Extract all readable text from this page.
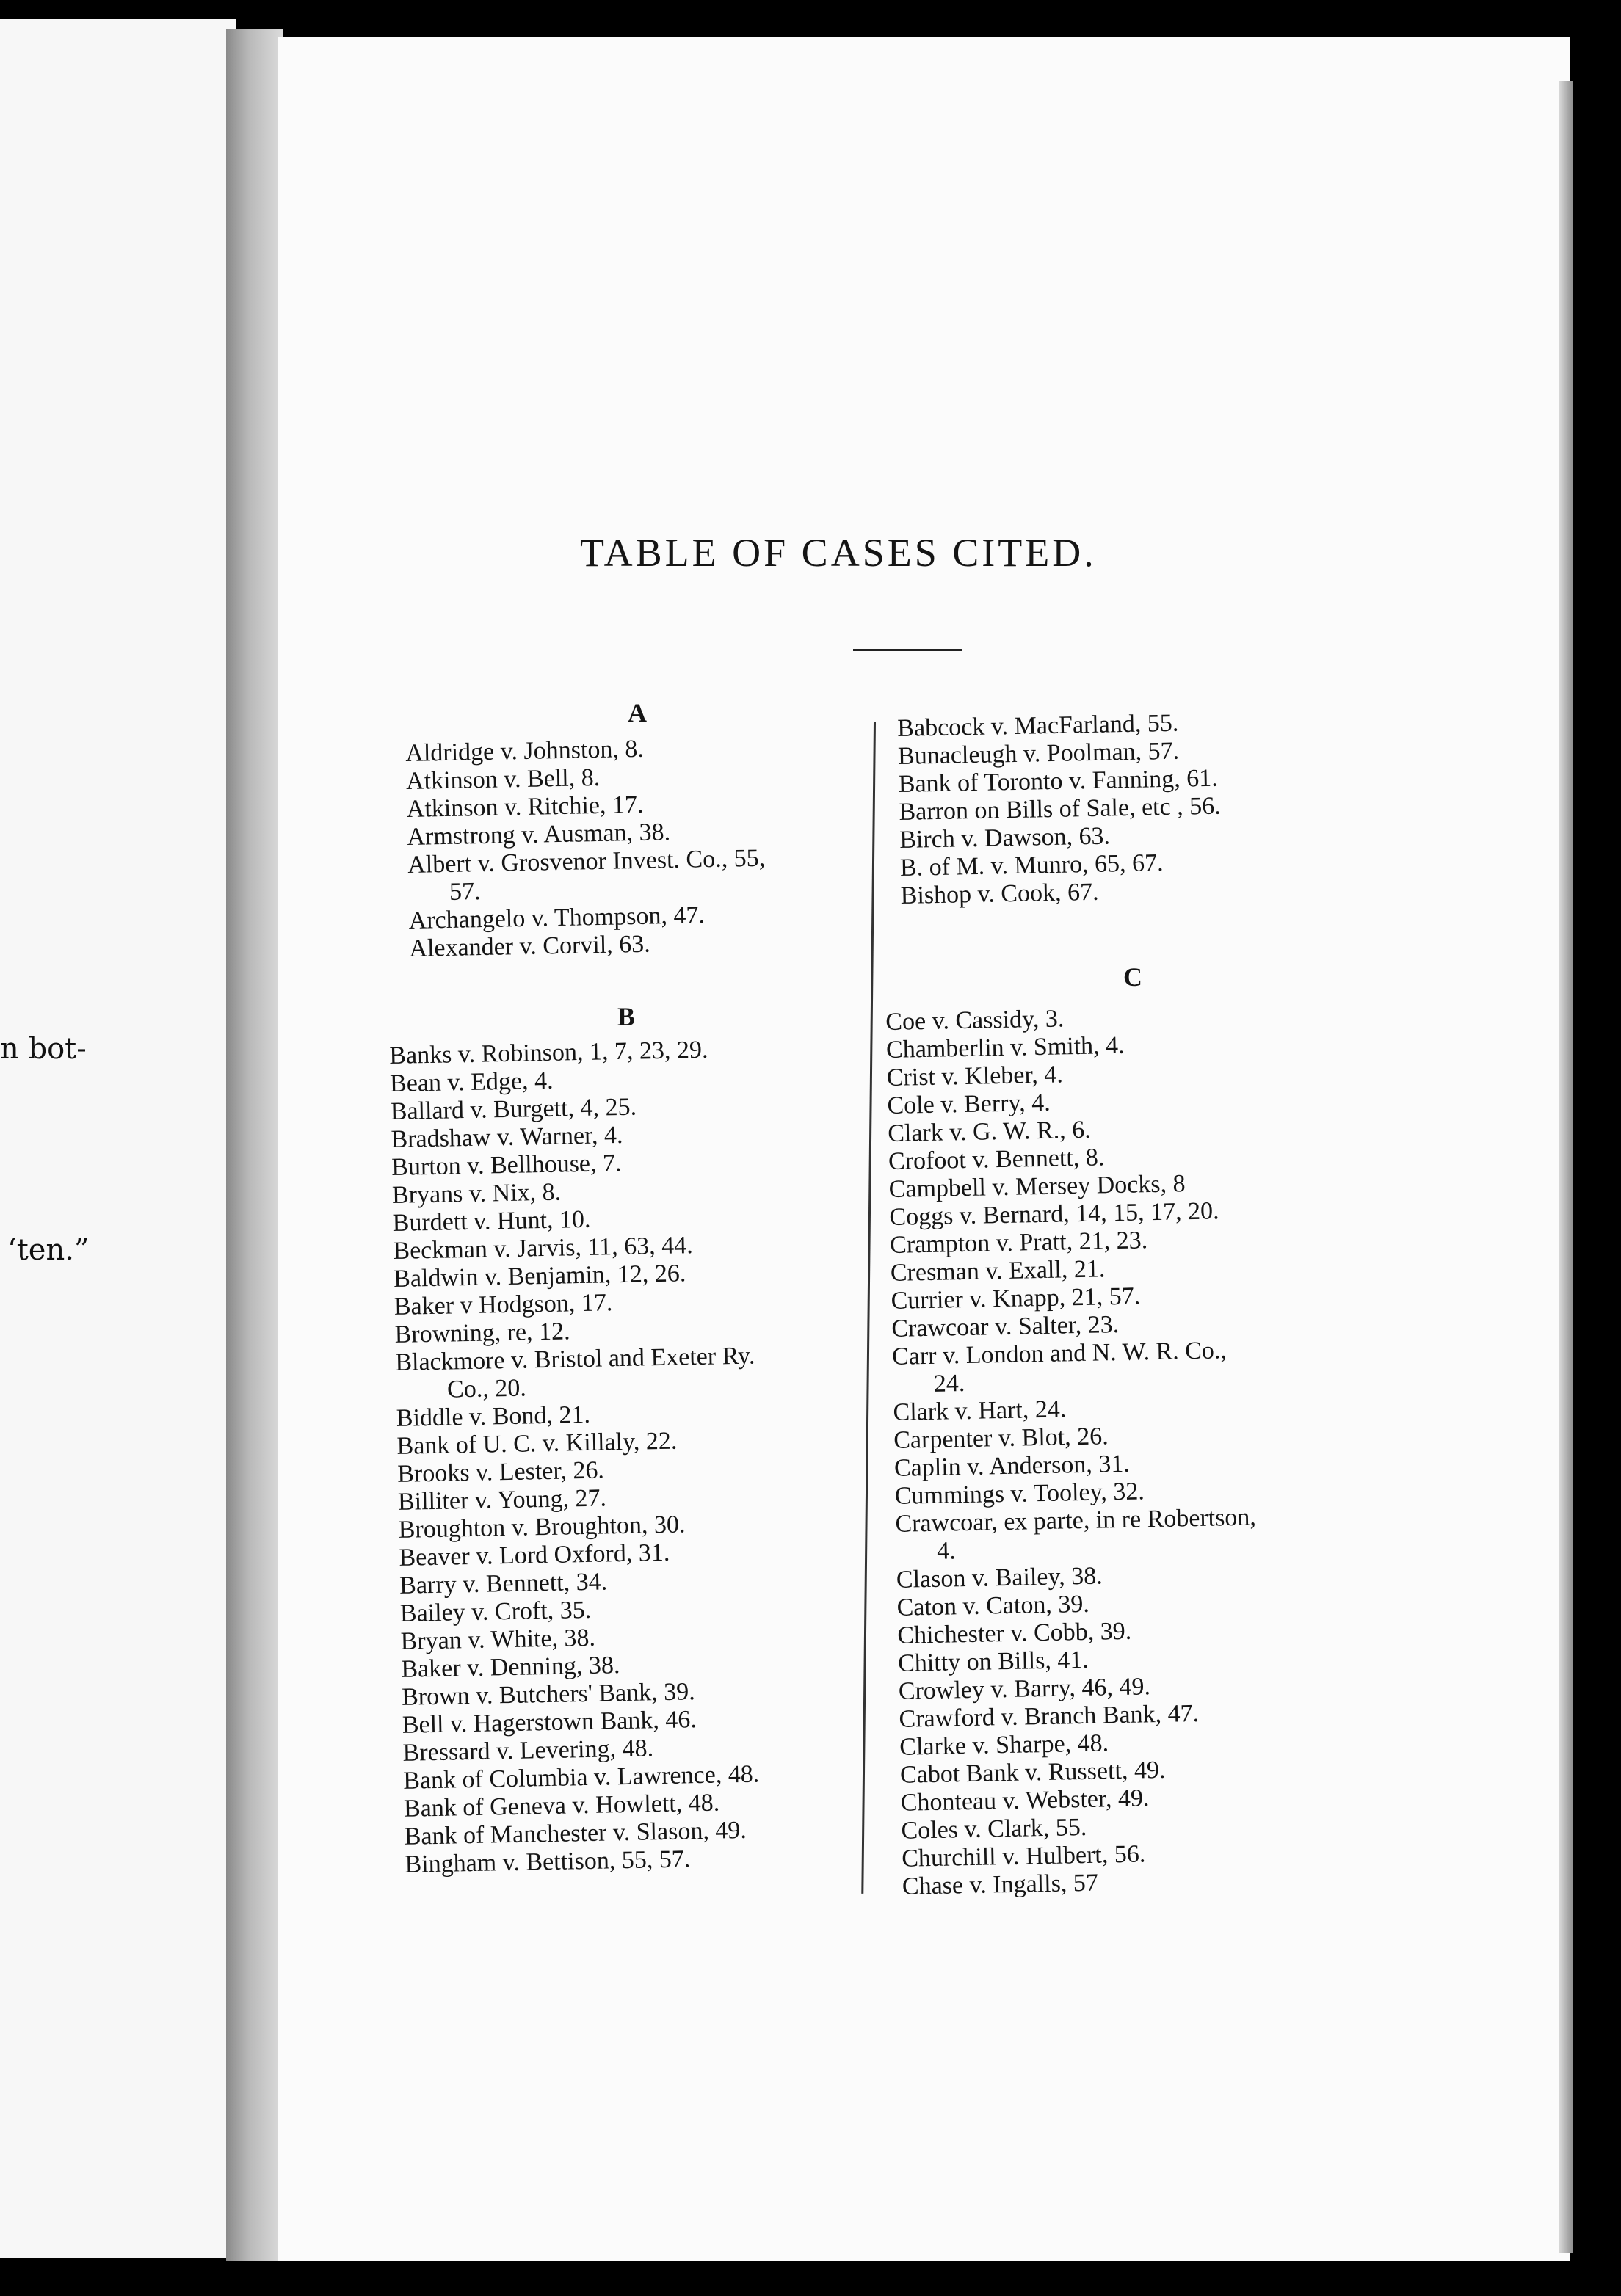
n bot-
‘ten.”
TABLE OF CASES CITED.
A
B
C
Aldridge v. Johnston, 8.
Atkinson v. Bell, 8.
Atkinson v. Ritchie, 17.
Armstrong v. Ausman, 38.
Albert v. Grosvenor Invest. Co., 55,
57.
Archangelo v. Thompson, 47.
Alexander v. Corvil, 63.
Banks v. Robinson, 1, 7, 23, 29.
Bean v. Edge, 4.
Ballard v. Burgett, 4, 25.
Bradshaw v. Warner, 4.
Burton v. Bellhouse, 7.
Bryans v. Nix, 8.
Burdett v. Hunt, 10.
Beckman v. Jarvis, 11, 63, 44.
Baldwin v. Benjamin, 12, 26.
Baker v Hodgson, 17.
Browning, re, 12.
Blackmore v. Bristol and Exeter Ry.
Co., 20.
Biddle v. Bond, 21.
Bank of U. C. v. Killaly, 22.
Brooks v. Lester, 26.
Billiter v. Young, 27.
Broughton v. Broughton, 30.
Beaver v. Lord Oxford, 31.
Barry v. Bennett, 34.
Bailey v. Croft, 35.
Bryan v. White, 38.
Baker v. Denning, 38.
Brown v. Butchers' Bank, 39.
Bell v. Hagerstown Bank, 46.
Bressard v. Levering, 48.
Bank of Columbia v. Lawrence, 48.
Bank of Geneva v. Howlett, 48.
Bank of Manchester v. Slason, 49.
Bingham v. Bettison, 55, 57.
Babcock v. MacFarland, 55.
Bunacleugh v. Poolman, 57.
Bank of Toronto v. Fanning, 61.
Barron on Bills of Sale, etc , 56.
Birch v. Dawson, 63.
B. of M. v. Munro, 65, 67.
Bishop v. Cook, 67.
Coe v. Cassidy, 3.
Chamberlin v. Smith, 4.
Crist v. Kleber, 4.
Cole v. Berry, 4.
Clark v. G. W. R., 6.
Crofoot v. Bennett, 8.
Campbell v. Mersey Docks, 8
Coggs v. Bernard, 14, 15, 17, 20.
Crampton v. Pratt, 21, 23.
Cresman v. Exall, 21.
Currier v. Knapp, 21, 57.
Crawcoar v. Salter, 23.
Carr v. London and N. W. R. Co.,
24.
Clark v. Hart, 24.
Carpenter v. Blot, 26.
Caplin v. Anderson, 31.
Cummings v. Tooley, 32.
Crawcoar, ex parte, in re Robertson,
4.
Clason v. Bailey, 38.
Caton v. Caton, 39.
Chichester v. Cobb, 39.
Chitty on Bills, 41.
Crowley v. Barry, 46, 49.
Crawford v. Branch Bank, 47.
Clarke v. Sharpe, 48.
Cabot Bank v. Russett, 49.
Chonteau v. Webster, 49.
Coles v. Clark, 55.
Churchill v. Hulbert, 56.
Chase v. Ingalls, 57
